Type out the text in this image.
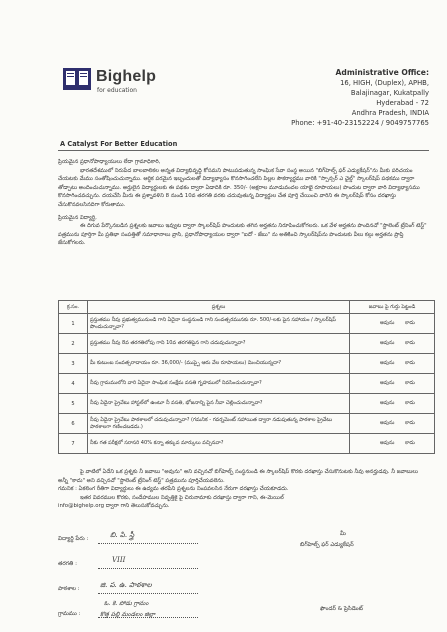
Bighelp
for education
Administrative Office:
16, HIGH, (Duplex), APHB,
Balajinagar, Kukatpally
Hyderabad - 72
Andhra Pradesh, INDIA
Phone: +91-40-23152224 / 9049757765
A Catalyst For Better Education

ప్రియమైన ప్రధానోపాధ్యాయులు లేదా గ్రామాధికారి,

భారతదేశములో నిరుపేద బాలబాలికల అన్నత విద్యాభివృద్ధి కోసమని పాటుపడుతున్న సాంఘిక సేవా సంస్థ అయిన "బిగ్‌హెల్ప్ ఫర్ ఎడ్యుకేషన్"ను మీకు పరిచయం చేయటకు మేము సంతోషించుచున్నాము. ఆర్థిక పరమైన ఇబ్బందులతో విద్యాభ్యాసం కొనసాగించలేని పిల్లల సౌకర్యార్థము వారికి "స్పాన్సర్ ఎ ఛైల్డ్" స్కాలర్‌షిప్ పథకము ద్వారా తోడ్పాటు అందించుచున్నాము. అర్హులైన విద్యార్థులకు ఈ పథకం ద్వారా ఏడాదికి రూ. 350/- (అక్షరాల మూడువందల యాభై రూపాయలు) పొందుట ద్వారా వారి విద్యాభ్యాసము కొనసాగించవచ్చును. దయచేసి మీరు ఈ ప్రశ్నావళిని 8 నుండి 10వ తరగతి వరకు చదువుతున్న విద్యార్థుల చేత పూర్తి చేయించి వారిని ఈ స్కాలర్‌షిప్ కోసం దరఖాస్తు చేసుకొనవలసినదిగా కోరుతాము.

ప్రియమైన విద్యార్థి,

ఈ దిగువ పేర్కొనబడిన ప్రశ్నలకు జవాబు ఇవ్వుట ద్వారా స్కాలర్‌షిప్ పొందుటకు తగిన అర్హతను నిరూపించుకోగలరు. ఒక వేళ అర్హతను పొందినచో "స్టాలెంట్ ట్రేనింగ్ టెస్ట్" పత్రమును పూర్తిగా మీ ప్రతిభా సంపత్తితో సమాధానాలు వ్రాసి, ప్రధానోపాధ్యాయుల ద్వారా "ఐదో - జేబు" ను అతికించి స్కాలర్‌షిప్‌ను పొందుటకు వీలు కల్గు అర్హతను ప్రాప్తి జేసుకోగలరు.

క్ర.సం.	ప్రశ్నలు	జవాబు పై గుర్తు పెట్టండి
1	ప్రస్తుతము నీవు ప్రభుత్వమునుండి గాని ఏదైనా సంస్థనుండి గాని సంవత్సరమునకు రూ. 500/-లకు పైన సహాయం / స్కాలర్‌షిప్ పొందుచున్నావా?	అవును కాదు
2	ప్రస్తుతము నీవు 8వ తరగతిలోపు గాని 10వ తరగతిపైన గాని చదువుచున్నావా?	అవును కాదు
3	మీ కుటుంబ సంవత్సరాదాయం రూ. 36,000/- (ముప్పై ఆరు వేల రూపాయలు) మించియున్నదా?	అవును కాదు
4	నీవు గ్రామములోని వారి ఏదైనా సాంఘిక సంక్షేమ వసతి గృహములో నివసించుచున్నావా?	అవును కాదు
5	నీవు ఏదైనా ప్రైవేటు హాస్టల్‌లో ఉంటూ నీ వసతి, భోజనాన్ని పైన నీవా చెల్లించుచున్నావా?	అవును కాదు
6	నీవు ఏదైనా ప్రైవేటు పాఠశాలలో చదువుచున్నావా? (గమనిక - గవర్నమెంట్ సహాయిత ద్వారా నడుపుతున్న పాఠశాల ప్రైవేటు పాఠశాలగా గణించబడదు.)	అవును కాదు
7	నీకు గత పరీక్షలో సరాసరి 40% కన్నా తక్కువ మార్కులు వచ్చినవా?	అవును కాదు

పై వాటిలో ఏదేని ఒక ప్రశ్నకు నీ జవాబు "అవును" అని వచ్చినచో బిగ్‌హెల్ప్ సంస్థనుండి ఈ స్కాలర్‌షిప్ కొరకు దరఖాస్తు చేసుకొనుటకు నీవు అనర్హుడవు. నీ జవాబులు అన్నీ "కాదు" అని వచ్చినచో "స్టాలెంట్ ట్రేనింగ్ టెస్ట్" పత్రమును పూర్తిచేయవలెను.

గమనిక : ఏకలింగ రీతిగా విద్యార్థులు ఈ ఉద్యమ తరపేని ప్రశ్నలను నింపవలసిన నేరుగా దరఖాస్తు చేయకూడదు.

ఇతర వివరముల కొరకు, సందేహముల నివృత్తికై పై చిరునామాకు దరఖాస్తు ద్వారా గాని, ఈ-మెయిల్

info@bighelp.org ద్వారా గాని తెలుసుకోవచ్చును.

విద్యార్థి పేరు :	బి. పి. స్త్రీ
తరగతి :	VIII
పాఠశాల :	జి. ప. ఉ. పాఠశాల
గ్రామము :
ఓ. కె. పోడు గ్రామం
కొత్త పల్లి మండలం జిల్లా
మీ
బిగ్‌హెల్ప్ ఫర్ ఎడ్యుకేషన్
ఫౌండర్ & ప్రెసిడెంట్
